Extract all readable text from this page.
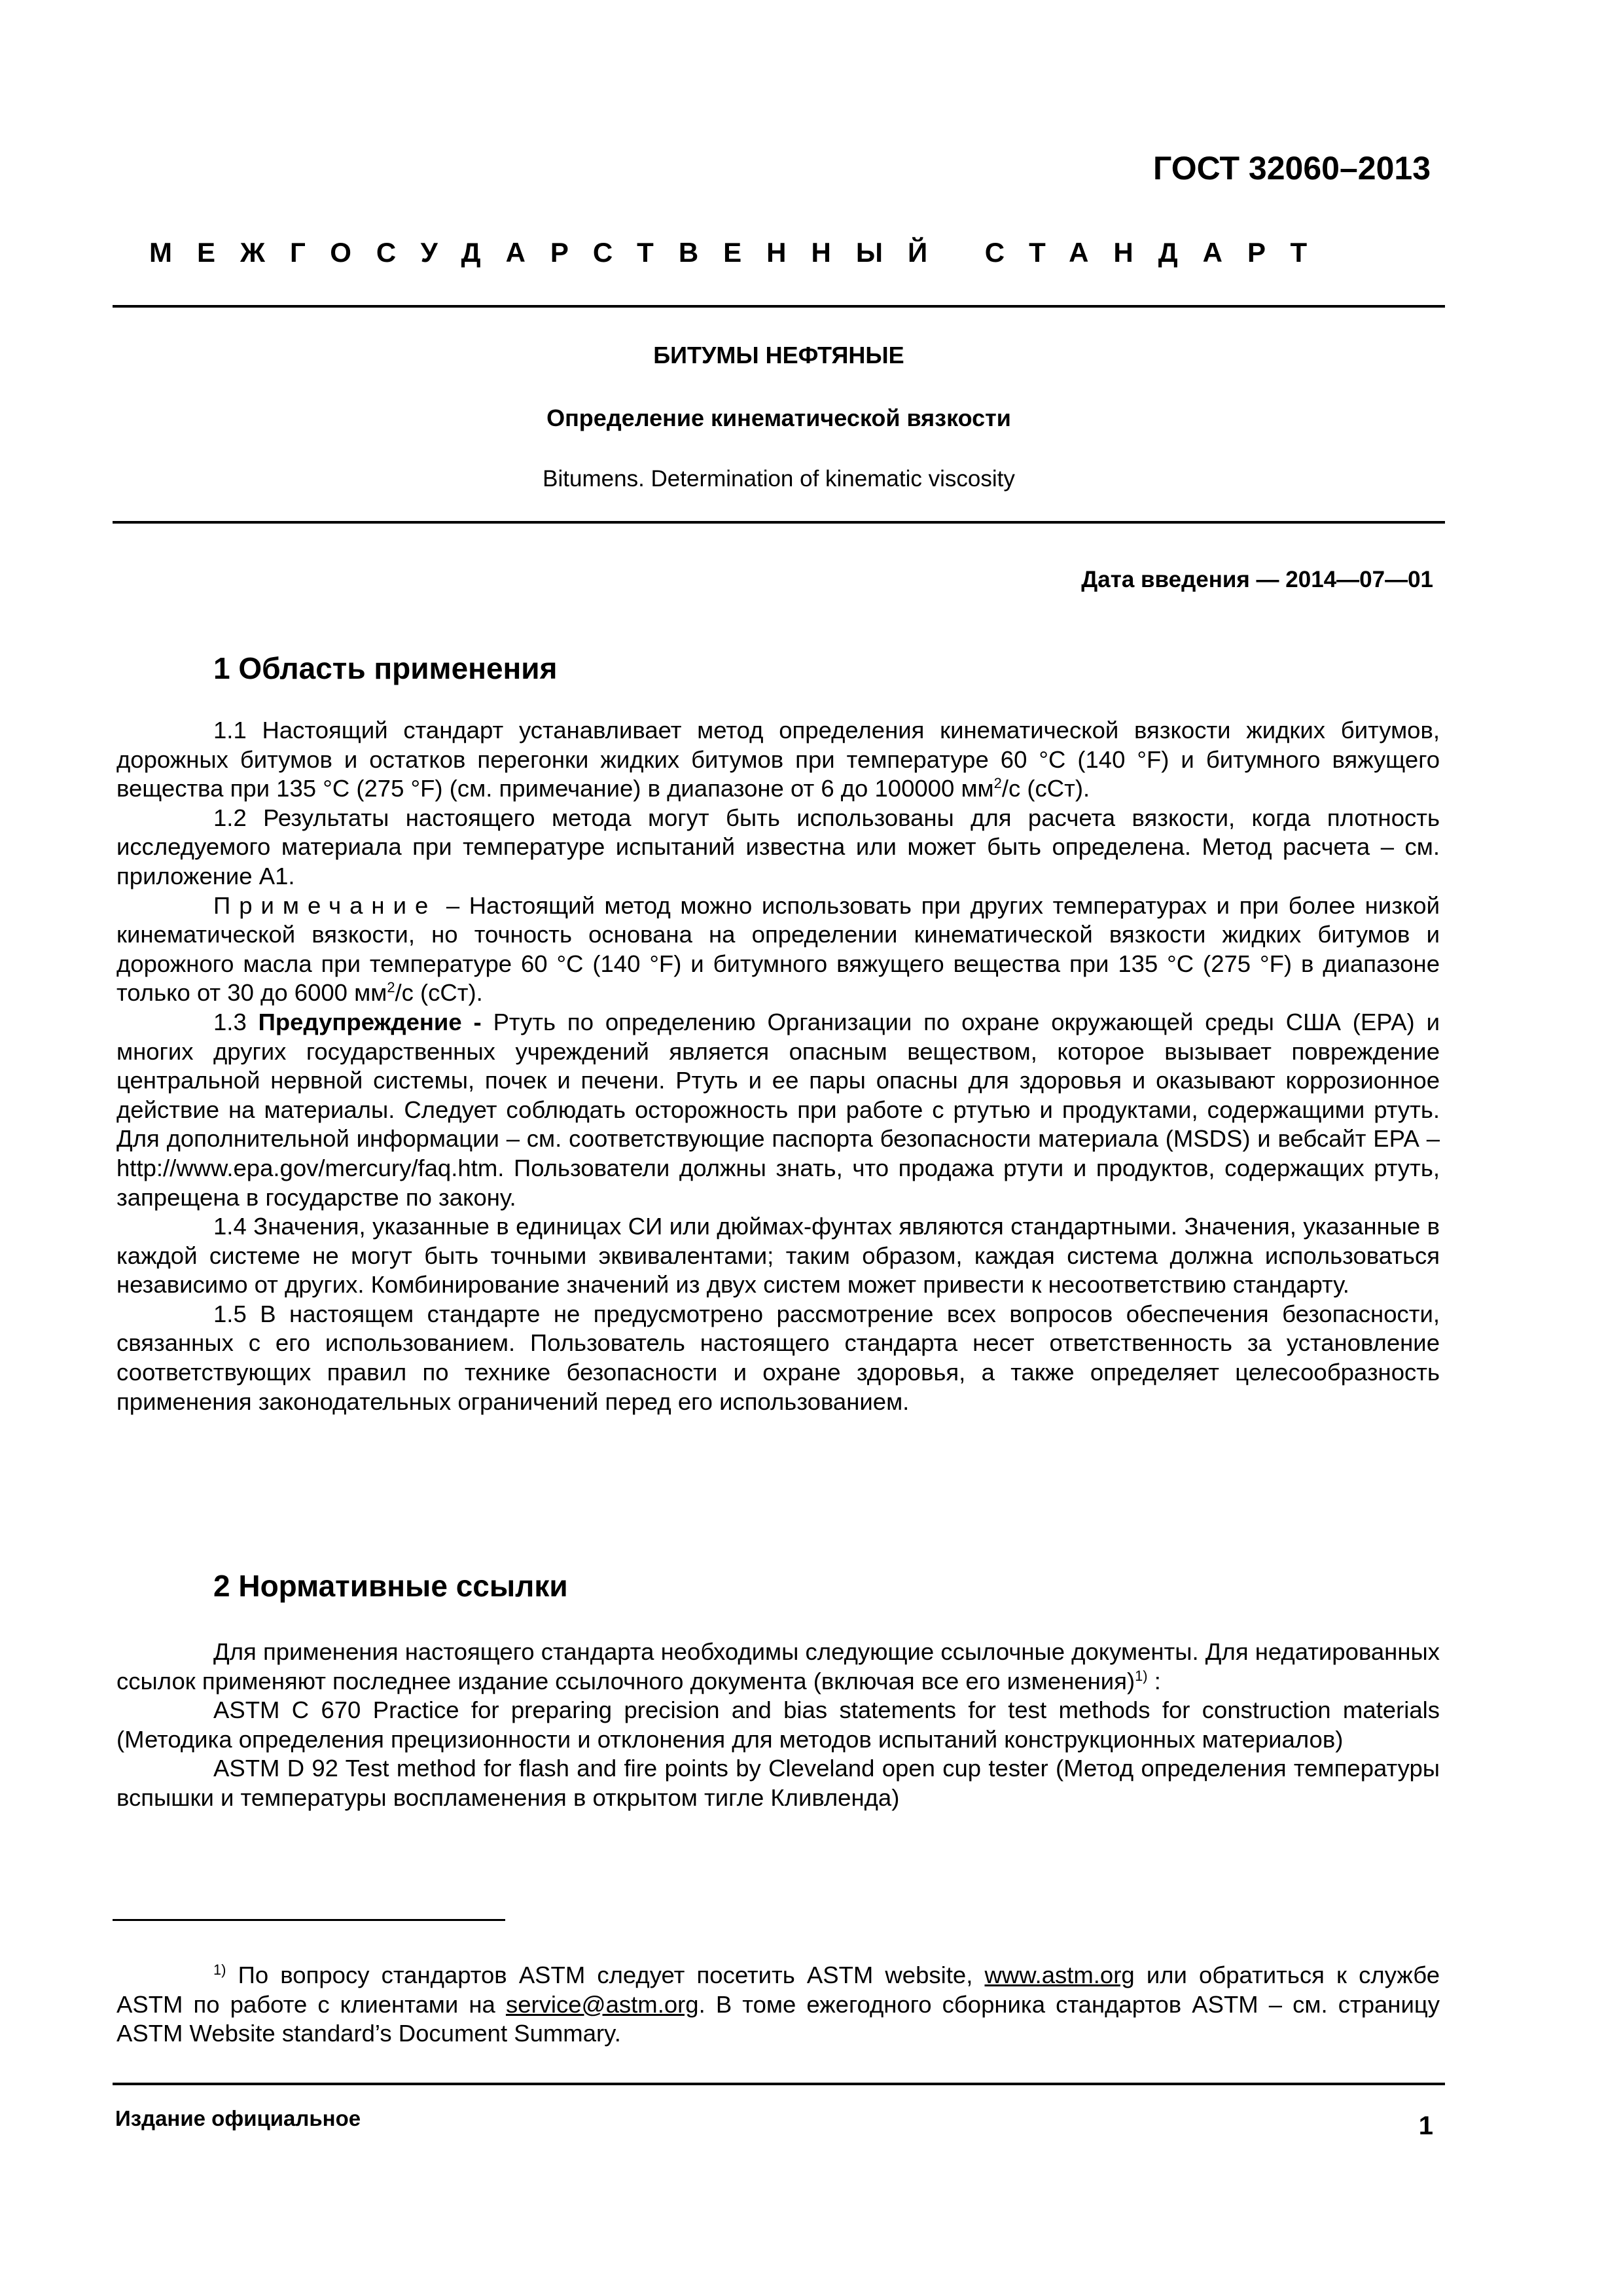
ГОСТ 32060–2013
МЕЖГОСУДАРСТВЕННЫЙ СТАНДАРТ
БИТУМЫ НЕФТЯНЫЕ
Определение кинематической вязкости
Bitumens. Determination of kinematic viscosity
Дата введения — 2014—07—01
1 Область применения

1.1 Настоящий стандарт устанавливает метод определения кинематической вязкости жидких битумов, дорожных битумов и остатков перегонки жидких битумов при температуре 60 °С (140 °F) и битумного вяжущего вещества при 135 °С (275 °F) (см. примечание) в диапазоне от 6 до 100000 $мм^2/с$ (сСт).

1.2 Результаты настоящего метода могут быть использованы для расчета вязкости, когда плотность исследуемого материала при температуре испытаний известна или может быть определена. Метод расчета – см. приложение А1.

Примечание – Настоящий метод можно использовать при других температурах и при более низкой кинематической вязкости, но точность основана на определении кинематической вязкости жидких битумов и дорожного масла при температуре 60 °С (140 °F) и битумного вяжущего вещества при 135 °С (275 °F) в диапазоне только от 30 до 6000 $мм^2/с$ (сСт).

1.3 Предупреждение - Ртуть по определению Организации по охране окружающей среды США (ЕРА) и многих других государственных учреждений является опасным веществом, которое вызывает повреждение центральной нервной системы, почек и печени. Ртуть и ее пары опасны для здоровья и оказывают коррозионное действие на материалы. Следует соблюдать осторожность при работе с ртутью и продуктами, содержащими ртуть. Для дополнительной информации – см. соответствующие паспорта безопасности материала (MSDS) и вебсайт ЕРА – http://www.epa.gov/mercury/faq.htm. Пользователи должны знать, что продажа ртути и продуктов, содержащих ртуть, запрещена в государстве по закону.

1.4 Значения, указанные в единицах СИ или дюймах-фунтах являются стандартными. Значения, указанные в каждой системе не могут быть точными эквивалентами; таким образом, каждая система должна использоваться независимо от других. Комбинирование значений из двух систем может привести к несоответствию стандарту.

1.5 В настоящем стандарте не предусмотрено рассмотрение всех вопросов обеспечения безопасности, связанных с его использованием. Пользователь настоящего стандарта несет ответственность за установление соответствующих правил по технике безопасности и охране здоровья, а также определяет целесообразность применения законодательных ограничений перед его использованием.

2 Нормативные ссылки

Для применения настоящего стандарта необходимы следующие ссылочные документы. Для недатированных ссылок применяют последнее издание ссылочного документа (включая все его изменения)$^{1)}$ :

ASTM C 670 Practice for preparing precision and bias statements for test methods for construction materials (Методика определения прецизионности и отклонения для методов испытаний конструкционных материалов)

ASTM D 92 Test method for flash and fire points by Cleveland open cup tester (Метод определения температуры вспышки и температуры воспламенения в открытом тигле Кливленда)

$^{1)}$ По вопросу стандартов ASTM следует посетить ASTM website, www.astm.org или обратиться к службе ASTM по работе с клиентами на service@astm.org. В томе ежегодного сборника стандартов ASTM – см. страницу ASTM Website standard’s Document Summary.

Издание официальное	1
